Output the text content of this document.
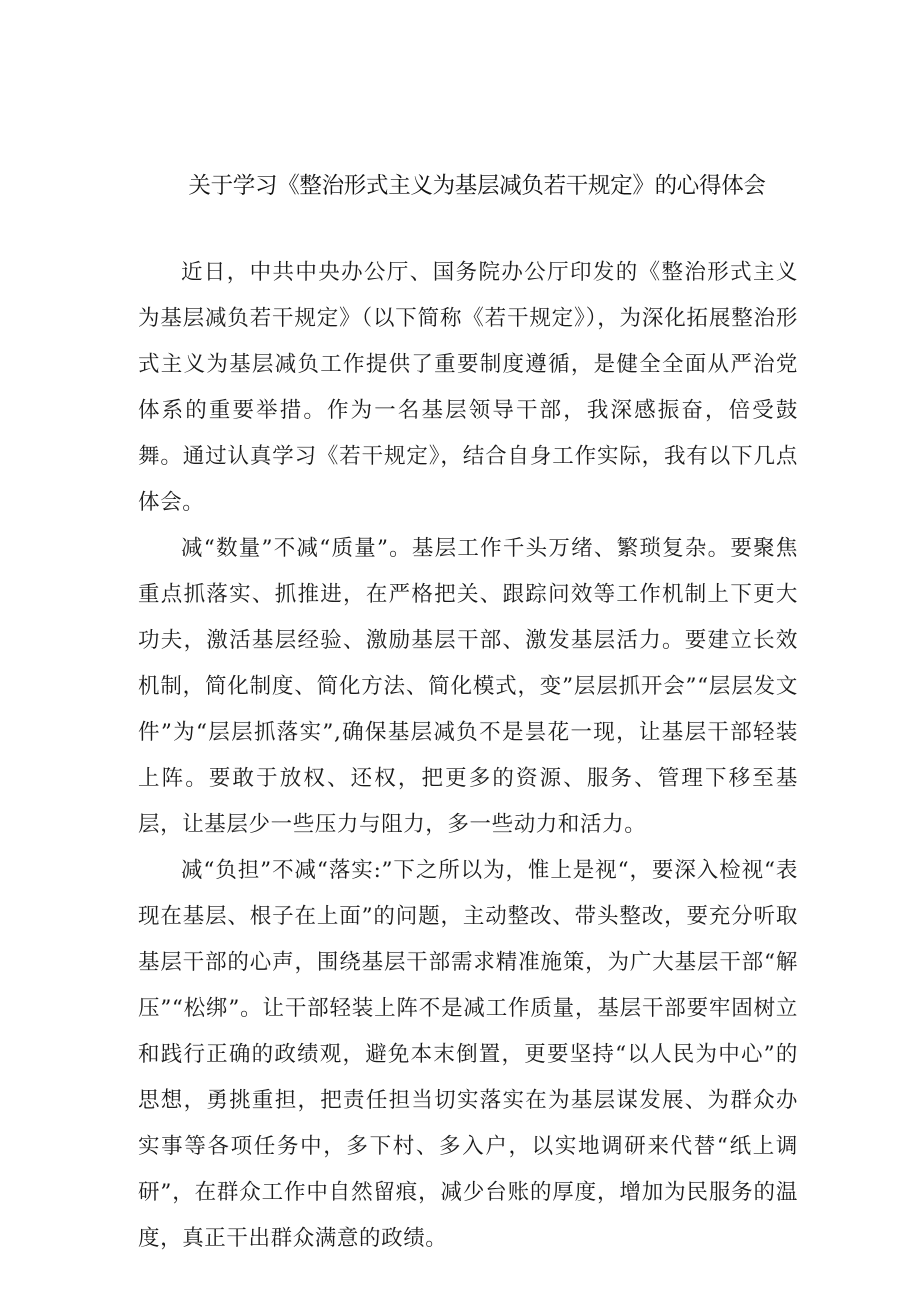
关于学习《整治形式主义为基层减负若干规定》的心得体会

近日，中共中央办公厅、国务院办公厅印发的《整治形式主义为基层减负若干规定》（以下简称《若干规定》），为深化拓展整治形式主义为基层减负工作提供了重要制度遵循，是健全全面从严治党体系的重要举措。作为一名基层领导干部，我深感振奋，倍受鼓舞。通过认真学习《若干规定》，结合自身工作实际，我有以下几点体会。

减“数量”不减“质量”。基层工作千头万绪、繁琐复杂。要聚焦重点抓落实、抓推进，在严格把关、跟踪问效等工作机制上下更大功夫，激活基层经验、激励基层干部、激发基层活力。要建立长效机制，简化制度、简化方法、简化模式，变”层层抓开会”“层层发文件”为“层层抓落实”,确保基层减负不是昙花一现，让基层干部轻装上阵。要敢于放权、还权，把更多的资源、服务、管理下移至基层，让基层少一些压力与阻力，多一些动力和活力。

减“负担”不减“落实:”下之所以为，惟上是视“，要深入检视“表现在基层、根子在上面”的问题，主动整改、带头整改，要充分听取基层干部的心声，围绕基层干部需求精准施策，为广大基层干部“解压”“松绑”。让干部轻装上阵不是减工作质量，基层干部要牢固树立和践行正确的政绩观，避免本末倒置，更要坚持“以人民为中心”的思想，勇挑重担，把责任担当切实落实在为基层谋发展、为群众办实事等各项任务中，多下村、多入户，以实地调研来代替“纸上调研”，在群众工作中自然留痕，减少台账的厚度，增加为民服务的温度，真正干出群众满意的政绩。
